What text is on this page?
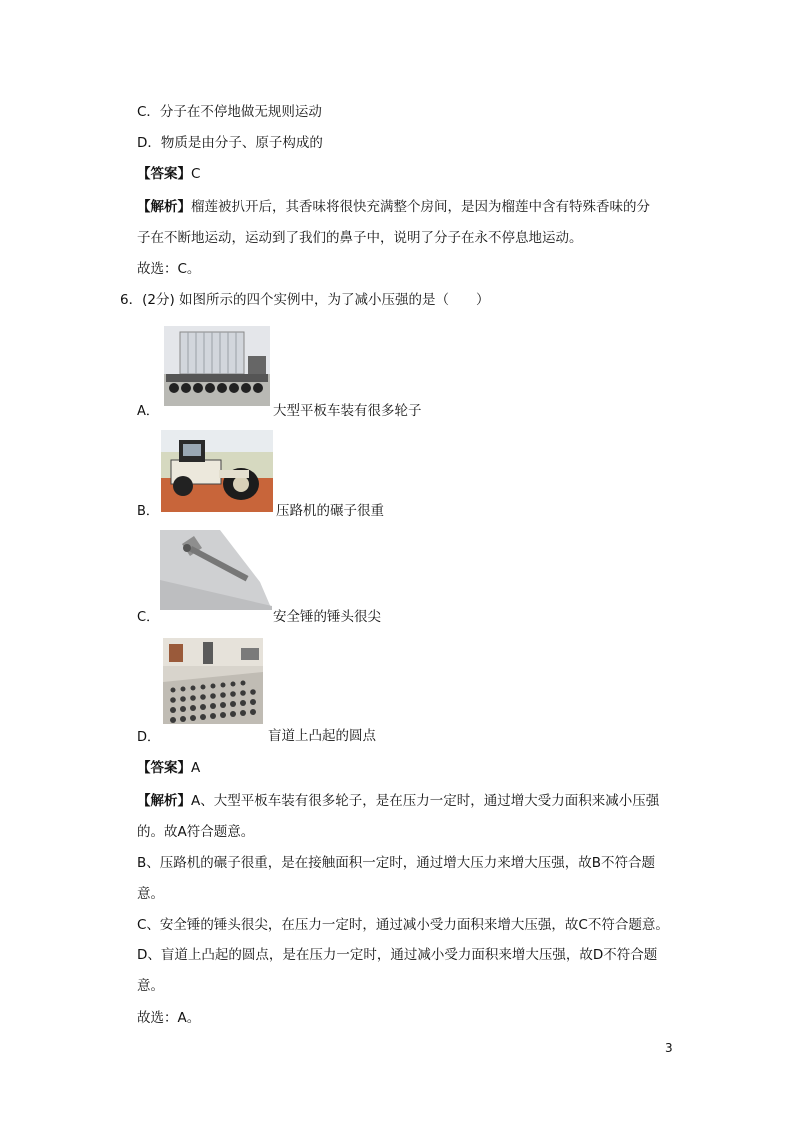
C．分子在不停地做无规则运动
D．物质是由分子、原子构成的
【答案】C
【解析】榴莲被扒开后，其香味将很快充满整个房间，是因为榴莲中含有特殊香味的分
子在不断地运动，运动到了我们的鼻子中，说明了分子在永不停息地运动。
故选：C。
6．(2分) 如图所示的四个实例中，为了减小压强的是（　　）
A．	大型平板车装有很多轮子
B．	压路机的碾子很重
C．	安全锤的锤头很尖
D．	盲道上凸起的圆点
【答案】A
【解析】A、大型平板车装有很多轮子，是在压力一定时，通过增大受力面积来减小压强
的。故A符合题意。
B、压路机的碾子很重，是在接触面积一定时，通过增大压力来增大压强，故B不符合题
意。
C、安全锤的锤头很尖，在压力一定时，通过减小受力面积来增大压强，故C不符合题意。
D、盲道上凸起的圆点，是在压力一定时，通过减小受力面积来增大压强，故D不符合题
意。
故选：A。
3
